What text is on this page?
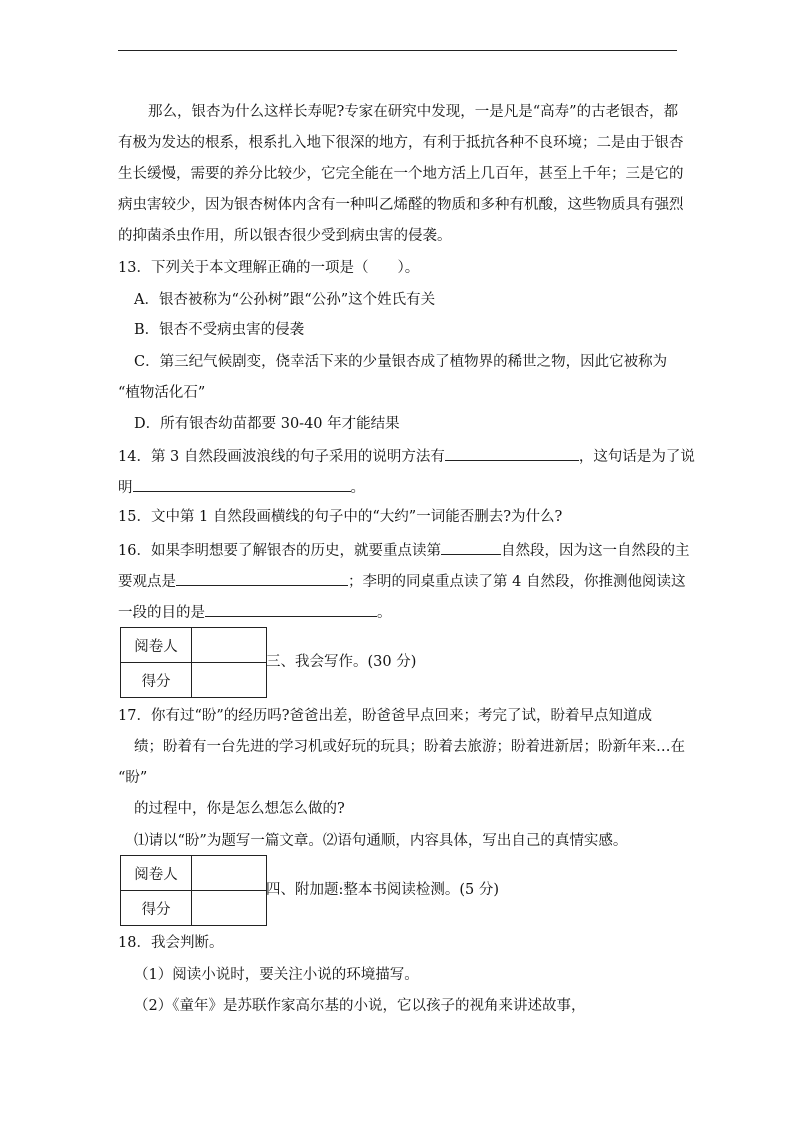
那么，银杏为什么这样长寿呢?专家在研究中发现，一是凡是“高寿”的古老银杏，都
有极为发达的根系，根系扎入地下很深的地方，有利于抵抗各种不良环境；二是由于银杏
生长缓慢，需要的养分比较少，它完全能在一个地方活上几百年，甚至上千年；三是它的
病虫害较少，因为银杏树体内含有一种叫乙烯醛的物质和多种有机酸，这些物质具有强烈
的抑菌杀虫作用，所以银杏很少受到病虫害的侵袭。
13．下列关于本文理解正确的一项是（　　）。
A．银杏被称为“公孙树”跟“公孙”这个姓氏有关
B．银杏不受病虫害的侵袭
C．第三纪气候剧变，侥幸活下来的少量银杏成了植物界的稀世之物，因此它被称为
“植物活化石”
D．所有银杏幼苗都要 30-40 年才能结果
14．第 3 自然段画波浪线的句子采用的说明方法有	，这句话是为了说
明	。
15．文中第 1 自然段画横线的句子中的“大约”一词能否删去?为什么?
16．如果李明想要了解银杏的历史，就要重点读第	自然段，因为这一自然段的主
要观点是	；李明的同桌重点读了第 4 自然段，你推测他阅读这
一段的目的是	。
阅卷人	
得分	
三、我会写作。(30 分)
17．你有过“盼”的经历吗?爸爸出差，盼爸爸早点回来；考完了试，盼着早点知道成
绩；盼着有一台先进的学习机或好玩的玩具；盼着去旅游；盼着进新居；盼新年来…在
“盼”
的过程中，你是怎么想怎么做的?
⑴请以“盼”为题写一篇文章。⑵语句通顺，内容具体，写出自己的真情实感。
阅卷人	
得分	
四、附加题:整本书阅读检测。(5 分)
18．我会判断。
（1）阅读小说时，要关注小说的环境描写。
（2）《童年》是苏联作家高尔基的小说，它以孩子的视角来讲述故事，
